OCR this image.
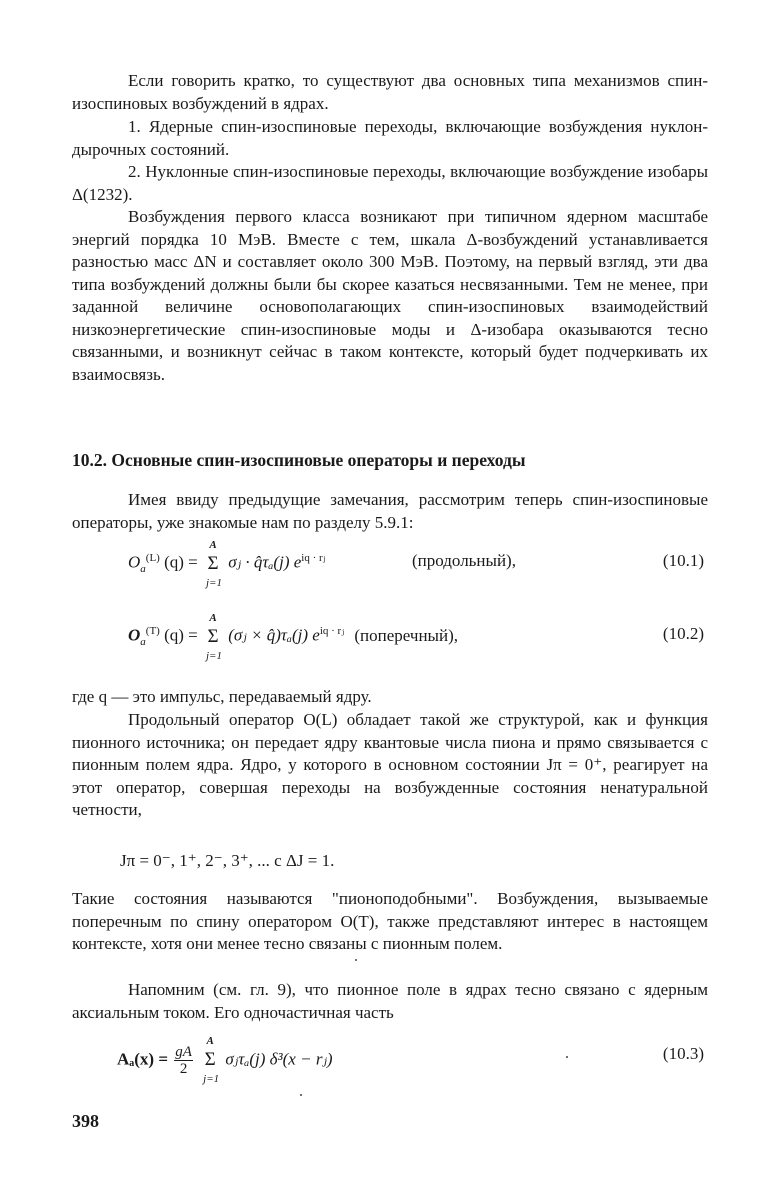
Если говорить кратко, то существуют два основных типа механизмов спин-изоспиновых возбуждений в ядрах.

1. Ядерные спин-изоспиновые переходы, включающие возбуждения нуклон-дырочных состояний.

2. Нуклонные спин-изоспиновые переходы, включающие возбуждение изобары Δ(1232).

Возбуждения первого класса возникают при типичном ядерном масштабе энергий порядка 10 МэВ. Вместе с тем, шкала Δ-возбуждений устанавливается разностью масс ΔN и составляет около 300 МэВ. Поэтому, на первый взгляд, эти два типа возбуждений должны были бы скорее казаться несвязанными. Тем не менее, при заданной величине основополагающих спин-изоспиновых взаимодействий низкоэнергетические спин-изоспиновые моды и Δ-изобара оказываются тесно связанными, и возникнут сейчас в таком контексте, который будет подчеркивать их взаимосвязь.

10.2. Основные спин-изоспиновые операторы и переходы

Имея ввиду предыдущие замечания, рассмотрим теперь спин-изоспиновые операторы, уже знакомые нам по разделу 5.9.1:

$O_a^{(L)}$ (q) = Σ
A
j=1
σⱼ · q̂τₐ(j) $e^{iq \cdot rⱼ}$	(продольный),	(10.1)
$O_a^{(T)}$ (q) = Σ
A
j=1
(σⱼ × q̂)τₐ(j) $e^{iq \cdot rⱼ}$ (поперечный),	(10.2)

где q — это импульс, передаваемый ядру.

Продольный оператор O(L) обладает такой же структурой, как и функция пионного источника; он передает ядру квантовые числа пиона и прямо связывается с пионным полем ядра. Ядро, у которого в основном состоянии Jπ = 0⁺, реагирует на этот оператор, совершая переходы на возбужденные состояния ненатуральной четности,

Jπ = 0⁻, 1⁺, 2⁻, 3⁺, ... с ΔJ = 1.

Такие состояния называются "пионоподобными". Возбуждения, вызываемые поперечным по спину оператором O(T), также представляют интерес в настоящем контексте, хотя они менее тесно связаны с пионным полем.

Напомним (см. гл. 9), что пионное поле в ядрах тесно связано с ядерным аксиальным током. Его одночастичная часть

$A_a(x) = \frac{gA}{2}$ Σ
A
j=1
σⱼτₐ(j) δ³(x − rⱼ)	(10.3)
398
